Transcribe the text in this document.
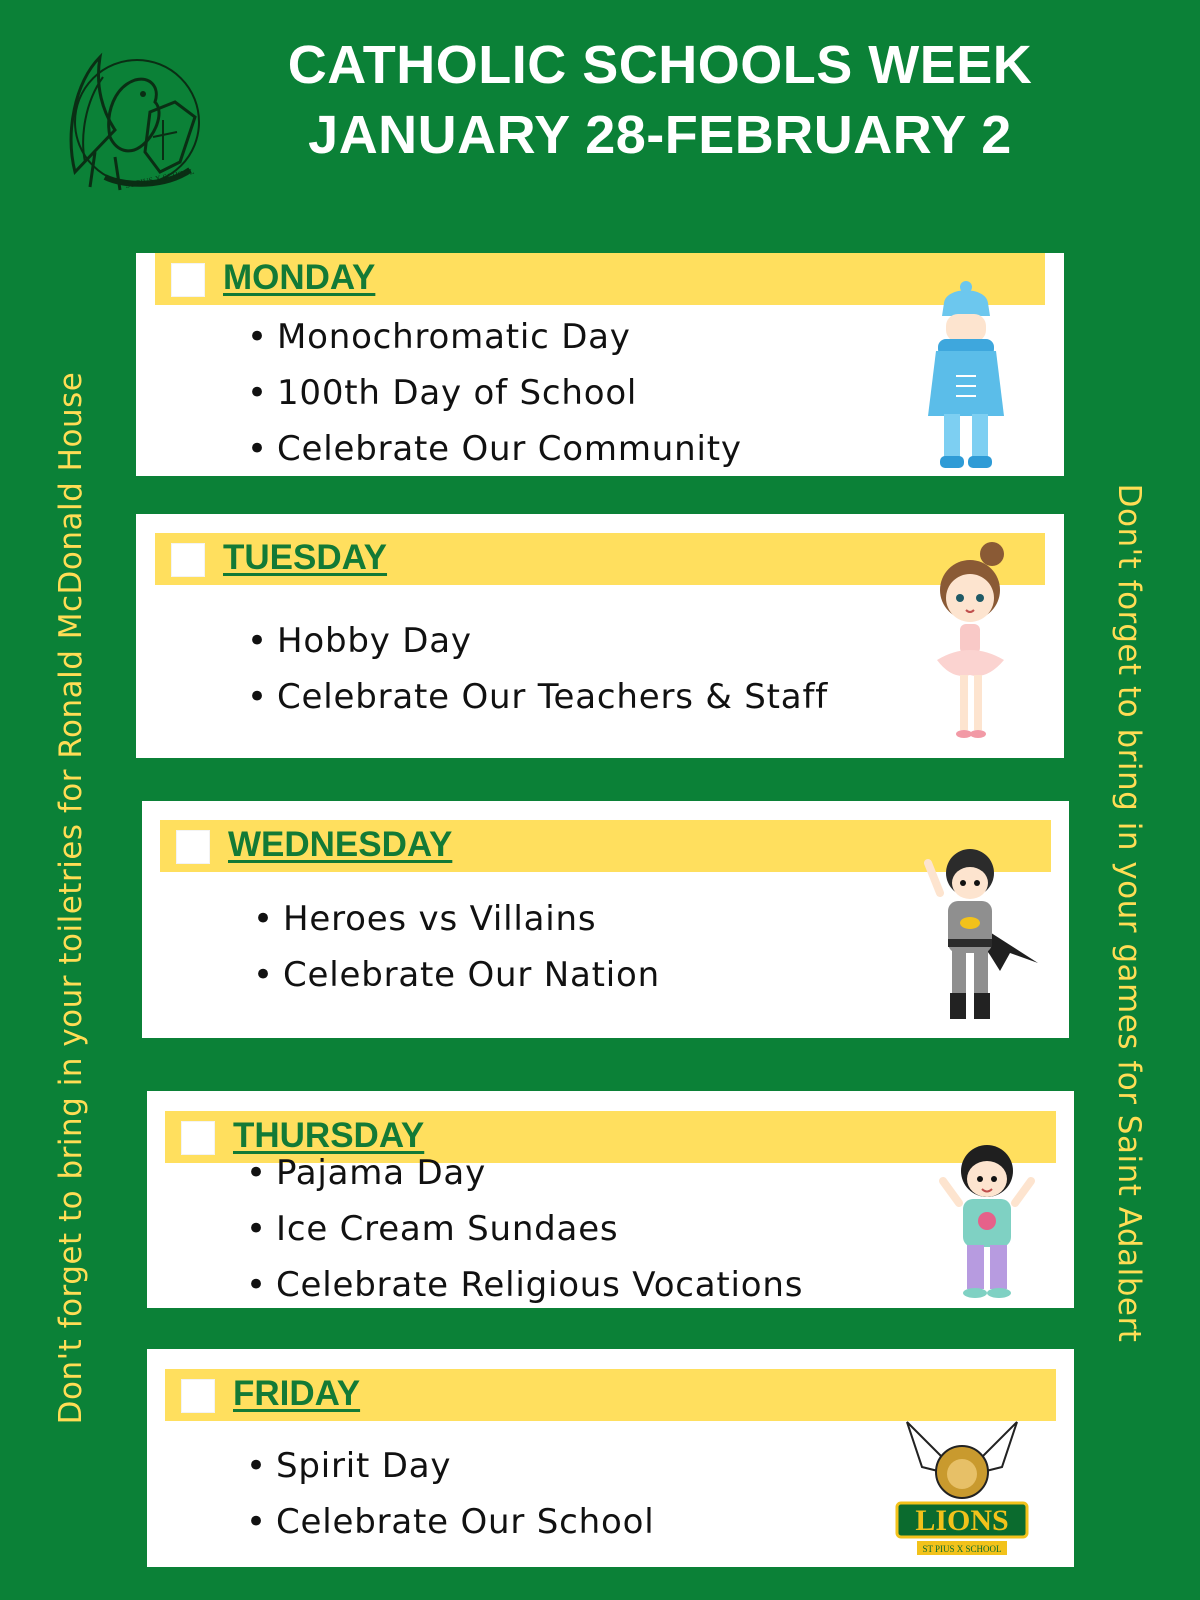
CATHOLIC SCHOOLS WEEK
JANUARY 28-FEBRUARY 2
ST PIUS X SCHOOL
Don't forget to bring in your toiletries for Ronald McDonald House	Don't forget to bring in your games for Saint Adalbert
MONDAY
• Monochromatic Day
• 100th Day of School
• Celebrate Our Community
TUESDAY
• Hobby Day
• Celebrate Our Teachers & Staff
WEDNESDAY
• Heroes vs Villains
• Celebrate Our Nation
THURSDAY
• Pajama Day
• Ice Cream Sundaes
• Celebrate Religious Vocations
FRIDAY
• Spirit Day
• Celebrate Our School	LIONS
ST PIUS X SCHOOL
